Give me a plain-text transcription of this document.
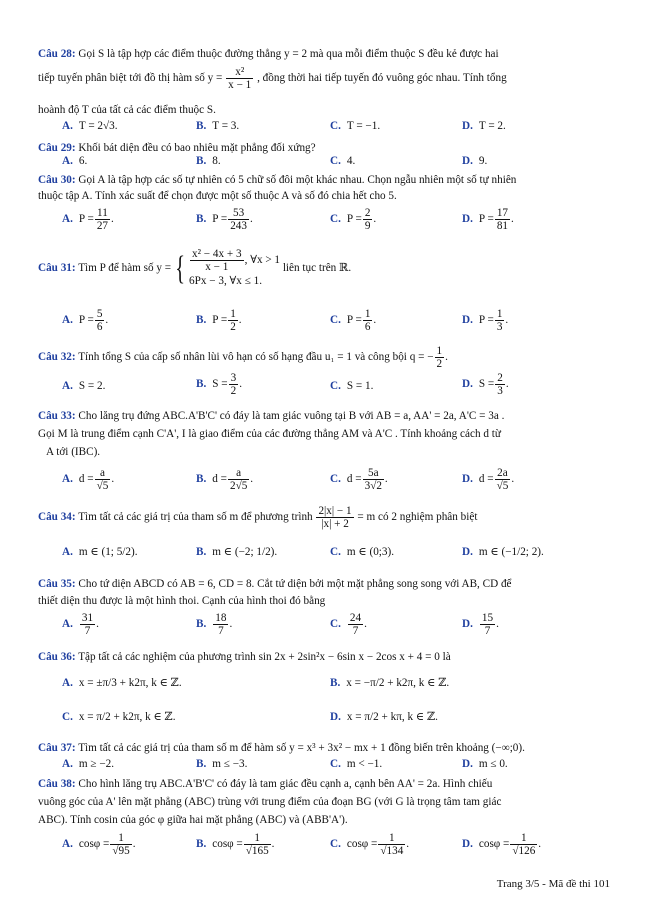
Câu 28: Gọi S là tập hợp các điểm thuộc đường thẳng y = 2 mà qua mỗi điểm thuộc S đều kẻ được hai
tiếp tuyến phân biệt tới đồ thị hàm số $y = \frac{\text{x²}}{x - 1}$ , đồng thời hai tiếp tuyến đó vuông góc nhau. Tính tổng
hoành độ T của tất cả các điểm thuộc S.
A. T = 2√3.	B. T = 3.	C. T = −1.	D. T = 2.
Câu 29: Khối bát diện đều có bao nhiêu mặt phẳng đối xứng?
A. 6.	B. 8.	C. 4.	D. 9.
Câu 30: Gọi A là tập hợp các số tự nhiên có 5 chữ số đôi một khác nhau. Chọn ngẫu nhiên một số tự nhiên
thuộc tập A. Tính xác suất để chọn được một số thuộc A và số đó chia hết cho 5.
A. $P = \frac{11}{27}$ .	B. $P = \frac{53}{243}$ .	C. $P = \frac{2}{9}$ .	D. $P = \frac{17}{81}$ .
Câu 31: Tìm P để hàm số y = { $\frac{\text{x² − 4x + 3}}{x - 1}$ , ∀x > 1
6Px − 3, ∀x ≤ 1.
liên tục trên ℝ.
A. $P = \frac{5}{6}$ .	B. $P = \frac{1}{2}$ .	C. $P = \frac{1}{6}$ .	D. $P = \frac{1}{3}$ .
Câu 32: Tính tổng S của cấp số nhân lùi vô hạn có số hạng đầu u₁ = 1 và công bội q = − $\frac{1}{2}$ .
A. S = 2.	B. $S = \frac{3}{2}$ .	C. S = 1.	D. $S = \frac{2}{3}$ .
Câu 33: Cho lăng trụ đứng ABC.A'B'C' có đáy là tam giác vuông tại B với AB = a, AA' = 2a, A'C = 3a .
Gọi M là trung điểm cạnh C'A', I là giao điểm của các đường thẳng AM và A'C . Tính khoảng cách d từ
A tới (IBC).
A. $d = \frac{a}{√5}$ .	B. $d = \frac{a}{2√5}$ .	C. $d = \frac{5a}{3√2}$ .	D. $d = \frac{2a}{√5}$ .
Câu 34: Tìm tất cả các giá trị của tham số m để phương trình $\frac{2|x| - 1}{|x| + 2} = m$ có 2 nghiệm phân biệt
A. m ∈ (1; 5/2).	B. m ∈ (−2; 1/2).	C. m ∈ (0;3).	D. m ∈ (−1/2; 2).
Câu 35: Cho tứ diện ABCD có AB = 6, CD = 8. Cắt tứ diện bởi một mặt phẳng song song với AB, CD để
thiết diện thu được là một hình thoi. Cạnh của hình thoi đó bằng
A. $\frac{31}{7}$ .	B. $\frac{18}{7}$ .	C. $\frac{24}{7}$ .	D. $\frac{15}{7}$ .
Câu 36: Tập tất cả các nghiệm của phương trình sin 2x + 2sin²x − 6sin x − 2cos x + 4 = 0 là
A. x = ±π/3 + k2π, k ∈ ℤ.	B. x = −π/2 + k2π, k ∈ ℤ.
C. x = π/2 + k2π, k ∈ ℤ.	D. x = π/2 + kπ, k ∈ ℤ.
Câu 37: Tìm tất cả các giá trị của tham số m để hàm số y = x³ + 3x² − mx + 1 đồng biến trên khoảng (−∞;0).
A. m ≥ −2.	B. m ≤ −3.	C. m < −1.	D. m ≤ 0.
Câu 38: Cho hình lăng trụ ABC.A'B'C' có đáy là tam giác đều cạnh a, cạnh bên AA' = 2a. Hình chiếu
vuông góc của A' lên mặt phẳng (ABC) trùng với trung điểm của đoạn BG (với G là trọng tâm tam giác
ABC). Tính cosin của góc φ giữa hai mặt phẳng (ABC) và (ABB'A').
A. $\cos\varphi = \frac{1}{√95}$ .	B. $\cos\varphi = \frac{1}{√165}$ .	C. $\cos\varphi = \frac{1}{√134}$ .	D. $\cos\varphi = \frac{1}{√126}$ .
Trang 3/5 - Mã đề thi 101
